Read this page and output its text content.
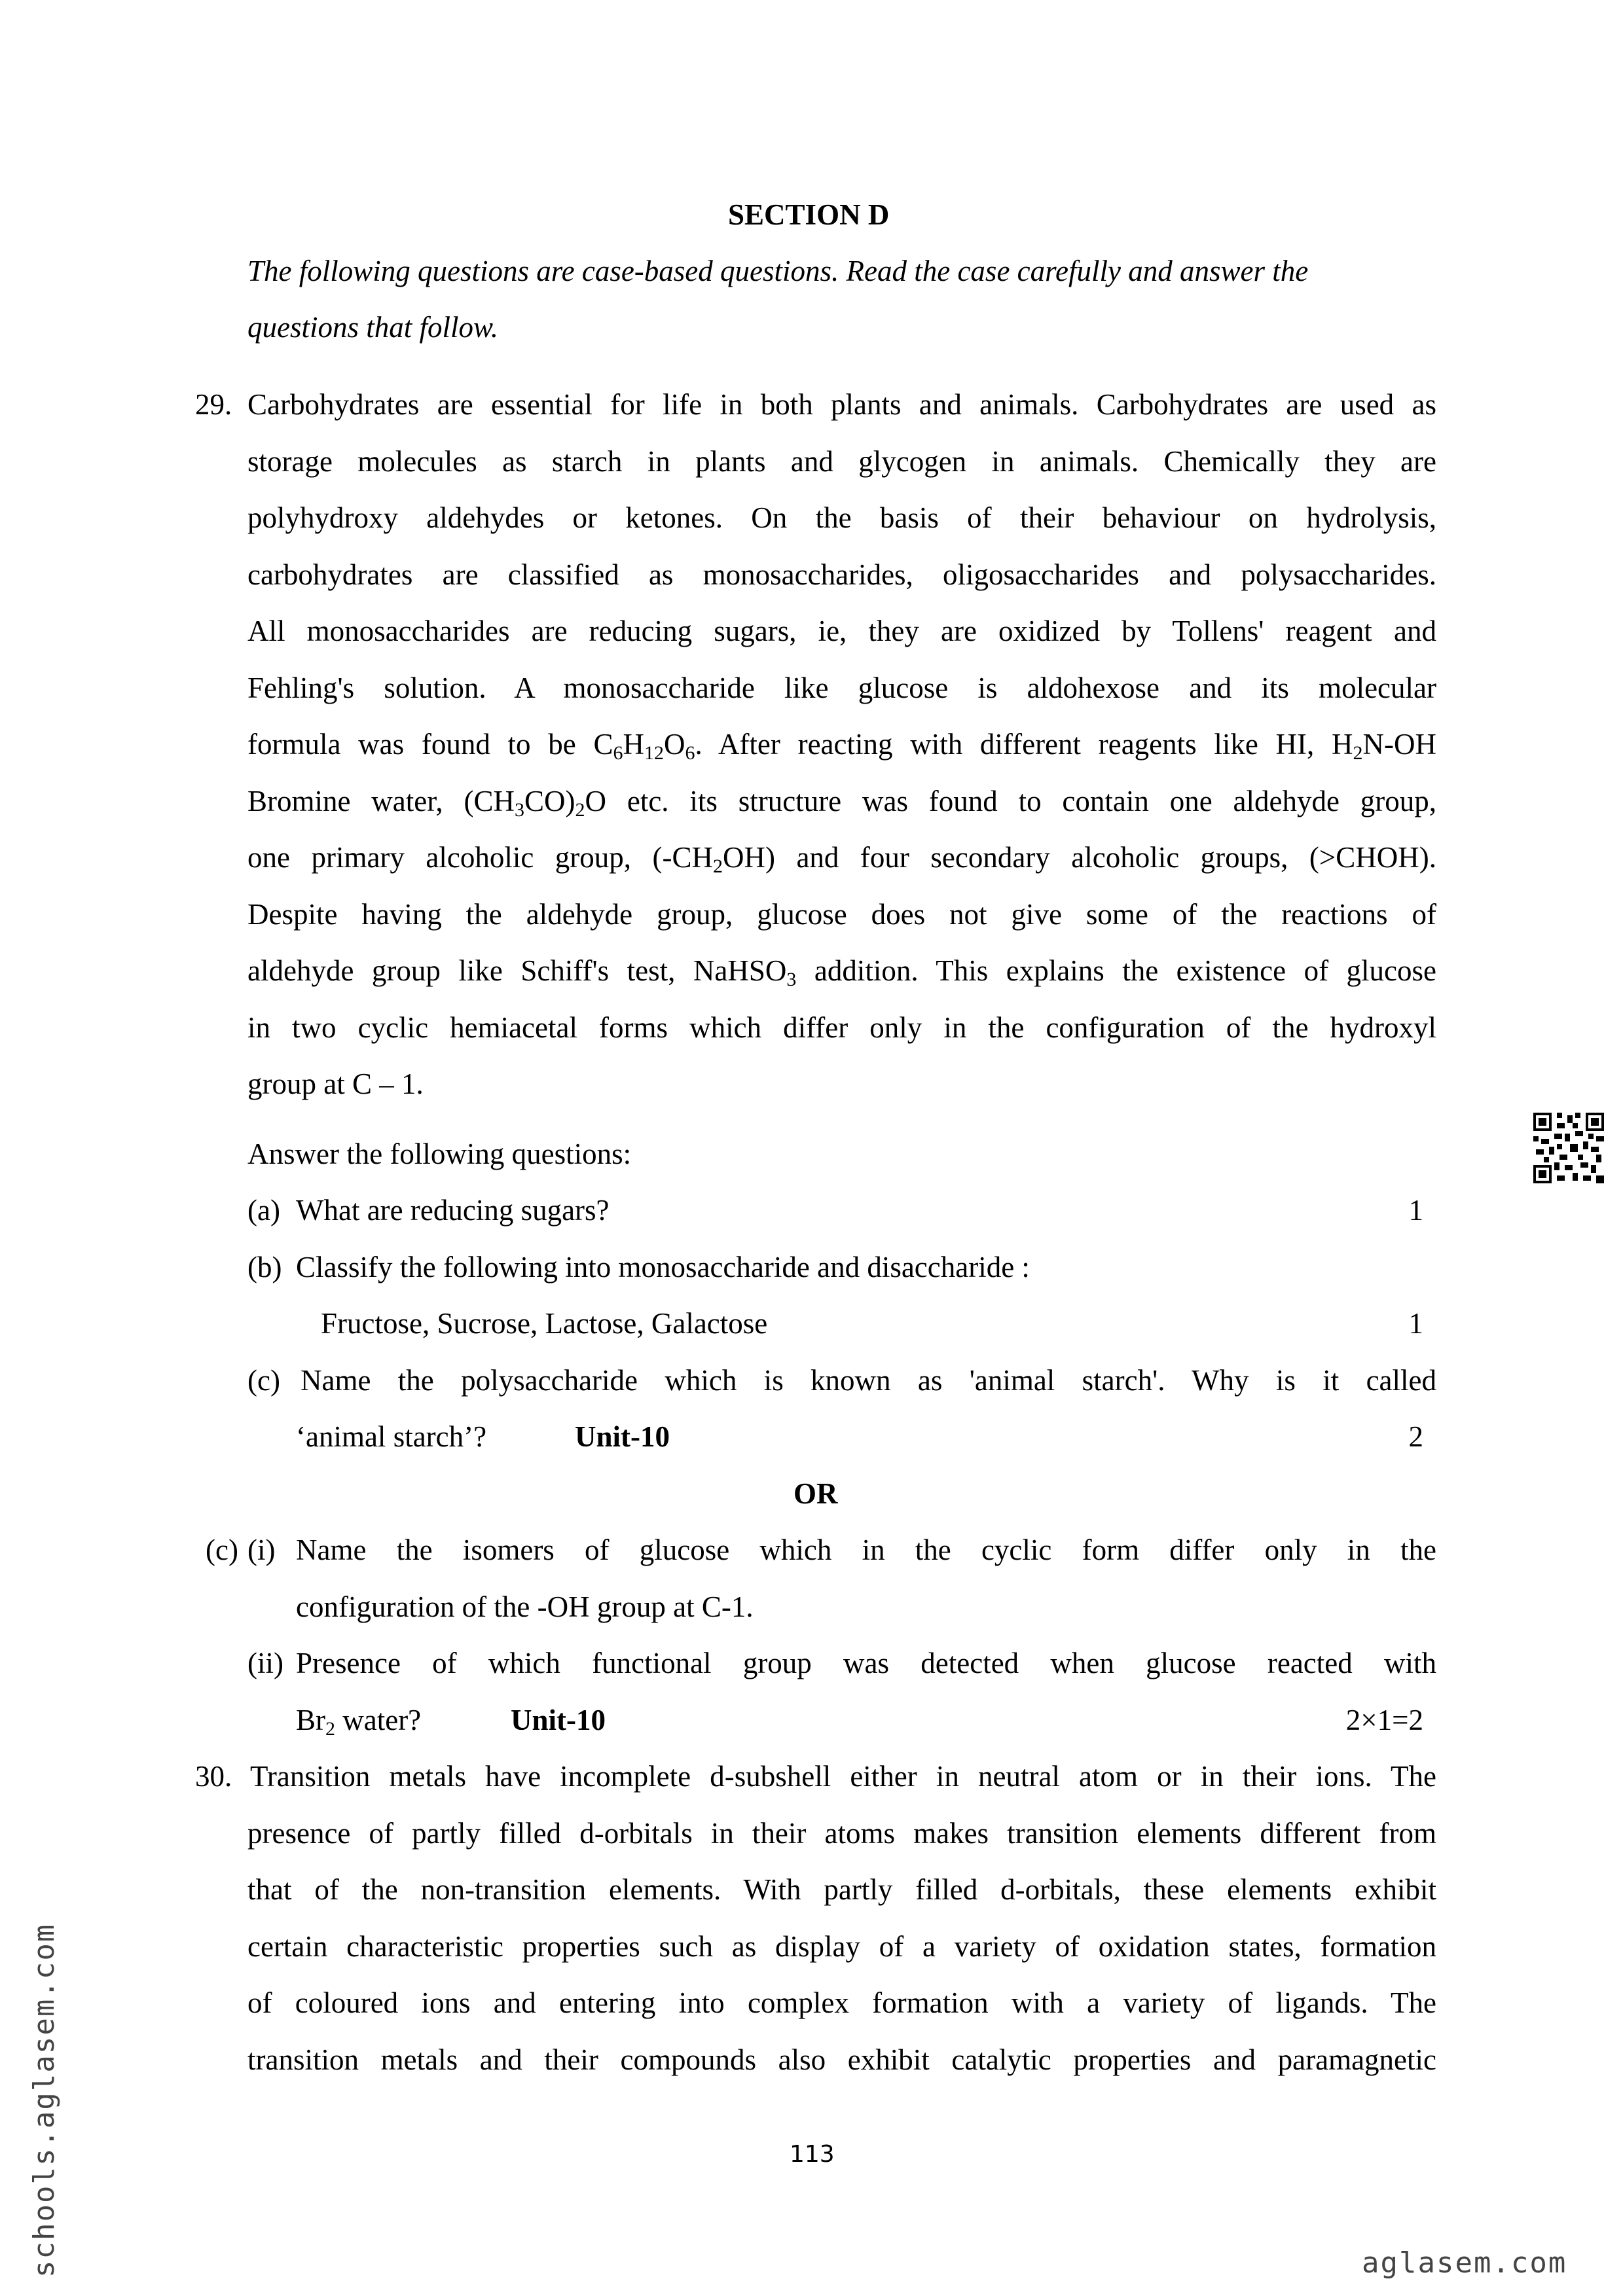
SECTION D
The following questions are case-based questions. Read the case carefully and answer the
questions that follow.
29. Carbohydrates are essential for life in both plants and animals. Carbohydrates are used as
storage molecules as starch in plants and glycogen in animals. Chemically they are
polyhydroxy aldehydes or ketones. On the basis of their behaviour on hydrolysis,
carbohydrates are classified as monosaccharides, oligosaccharides and polysaccharides.
All monosaccharides are reducing sugars, ie, they are oxidized by Tollens' reagent and
Fehling's solution. A monosaccharide like glucose is aldohexose and its molecular
formula was found to be $C_6H_{12}O_6$. After reacting with different reagents like HI, $H_2N-OH$
Bromine water, $(CH_3CO)_2O$ etc. its structure was found to contain one aldehyde group,
one primary alcoholic group, $(-CH_2OH)$ and four secondary alcoholic groups, (>CHOH).
Despite having the aldehyde group, glucose does not give some of the reactions of
aldehyde group like Schiff's test, NaHSO$_3$ addition. This explains the existence of glucose
in two cyclic hemiacetal forms which differ only in the configuration of the hydroxyl
group at C – 1.
Answer the following questions:
(a) What are reducing sugars?	1
(b) Classify the following into monosaccharide and disaccharide :
Fructose, Sucrose, Lactose, Galactose	1
(c) Name the polysaccharide which is known as 'animal starch'. Why is it called
‘animal starch’?	Unit-10	2
OR
(c) (i) Name the isomers of glucose which in the cyclic form differ only in the
configuration of the -OH group at C-1.
(ii) Presence of which functional group was detected when glucose reacted with
$Br_2$ water?	Unit-10	2×1=2
30. Transition metals have incomplete d-subshell either in neutral atom or in their ions. The
presence of partly filled d-orbitals in their atoms makes transition elements different from
that of the non-transition elements. With partly filled d-orbitals, these elements exhibit
certain characteristic properties such as display of a variety of oxidation states, formation
of coloured ions and entering into complex formation with a variety of ligands. The
transition metals and their compounds also exhibit catalytic properties and paramagnetic
113
schools.aglasem.com	aglasem.com
